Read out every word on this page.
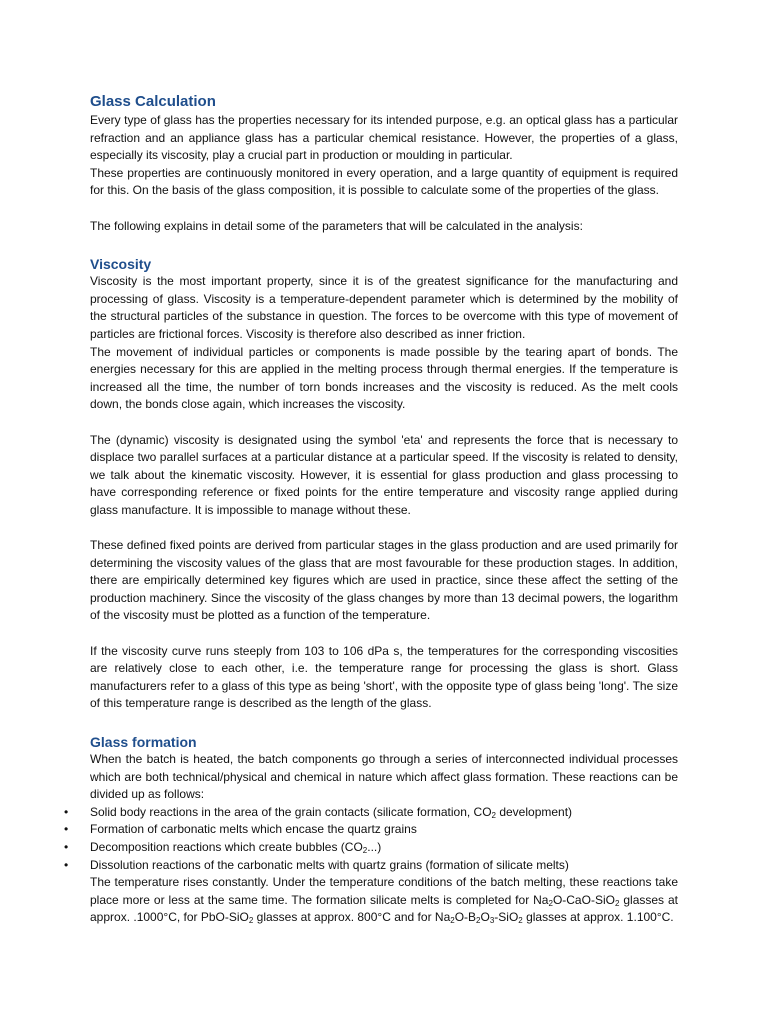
Glass Calculation

Every type of glass has the properties necessary for its intended purpose, e.g. an optical glass has a particular refraction and an appliance glass has a particular chemical resistance. However, the properties of a glass, especially its viscosity, play a crucial part in production or moulding in particular.

These properties are continuously monitored in every operation, and a large quantity of equipment is required for this. On the basis of the glass composition, it is possible to calculate some of the properties of the glass.

The following explains in detail some of the parameters that will be calculated in the analysis:

Viscosity

Viscosity is the most important property, since it is of the greatest significance for the manufacturing and processing of glass. Viscosity is a temperature-dependent parameter which is determined by the mobility of the structural particles of the substance in question. The forces to be overcome with this type of movement of particles are frictional forces. Viscosity is therefore also described as inner friction.

The movement of individual particles or components is made possible by the tearing apart of bonds. The energies necessary for this are applied in the melting process through thermal energies. If the temperature is increased all the time, the number of torn bonds increases and the viscosity is reduced. As the melt cools down, the bonds close again, which increases the viscosity.

The (dynamic) viscosity is designated using the symbol 'eta' and represents the force that is necessary to displace two parallel surfaces at a particular distance at a particular speed. If the viscosity is related to density, we talk about the kinematic viscosity. However, it is essential for glass production and glass processing to have corresponding reference or fixed points for the entire temperature and viscosity range applied during glass manufacture. It is impossible to manage without these.

These defined fixed points are derived from particular stages in the glass production and are used primarily for determining the viscosity values of the glass that are most favourable for these production stages. In addition, there are empirically determined key figures which are used in practice, since these affect the setting of the production machinery. Since the viscosity of the glass changes by more than 13 decimal powers, the logarithm of the viscosity must be plotted as a function of the temperature.

If the viscosity curve runs steeply from 103 to 106 dPa s, the temperatures for the corresponding viscosities are relatively close to each other, i.e. the temperature range for processing the glass is short. Glass manufacturers refer to a glass of this type as being 'short', with the opposite type of glass being 'long'. The size of this temperature range is described as the length of the glass.

Glass formation

When the batch is heated, the batch components go through a series of interconnected individual processes which are both technical/physical and chemical in nature which affect glass formation. These reactions can be divided up as follows:

• Solid body reactions in the area of the grain contacts (silicate formation, $CO_2$ development)
• Formation of carbonatic melts which encase the quartz grains
• Decomposition reactions which create bubbles $(CO_2...)$
• Dissolution reactions of the carbonatic melts with quartz grains (formation of silicate melts)

The temperature rises constantly. Under the temperature conditions of the batch melting, these reactions take place more or less at the same time. The formation silicate melts is completed for $Na_2O-CaO-SiO_2$ glasses at approx. .1000°C, for PbO-SiO$_2$ glasses at approx. 800°C and for $Na_2O-B_2O_3-SiO_2$ glasses at approx. 1.100°C.
